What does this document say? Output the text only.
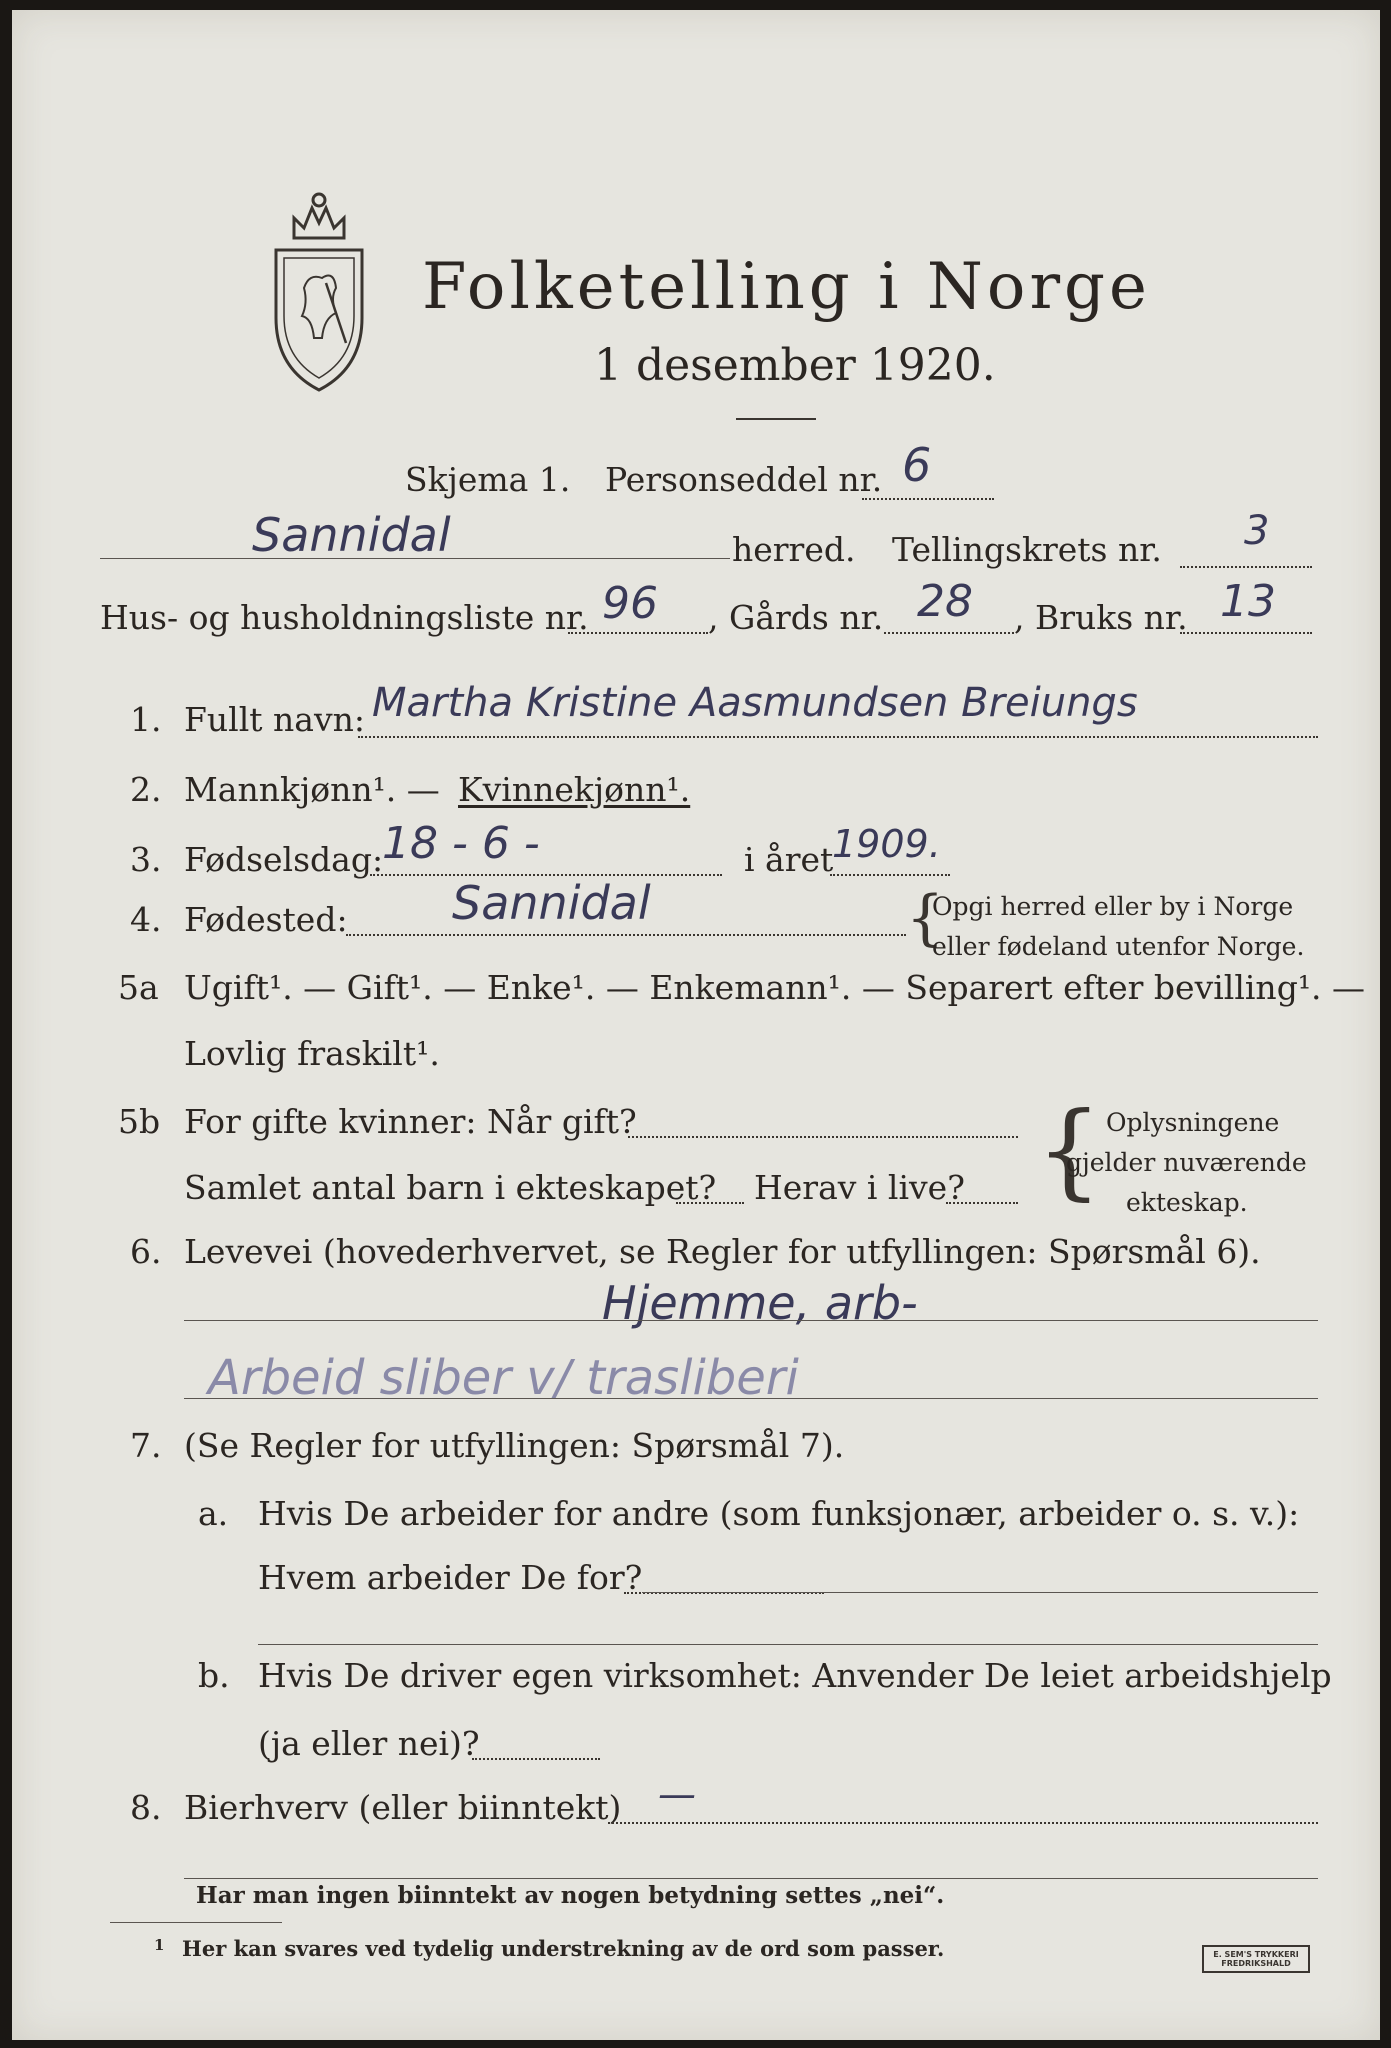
Folketelling i Norge
1 desember 1920.
Skjema 1. Personseddel nr. 6
Sannidal	herred. Tellingskrets nr. 3
Hus- og husholdningsliste nr. 96 , Gårds nr. 28 , Bruks nr. 13
1. Fullt navn: Martha Kristine Aasmundsen Breiungs
2. Mannkjønn¹. — Kvinnekjønn¹.
3. Fødselsdag:
18 - 6 -	i året
1909.
4. Fødested: Sannidal	{
Opgi herred eller by i Norge
eller fødeland utenfor Norge.
5a Ugift¹. — Gift¹. — Enke¹. — Enkemann¹. — Separert efter bevilling¹. —
Lovlig fraskilt¹.
5b For gifte kvinner: Når gift?
Samlet antal barn i ekteskapet? Herav i live? { Oplysningene
gjelder nuværende
ekteskap.
6. Levevei (hovederhvervet, se Regler for utfyllingen: Spørsmål 6).
Hjemme, arb-
Arbeid sliber v/ trasliberi
7. (Se Regler for utfyllingen: Spørsmål 7).
a. Hvis De arbeider for andre (som funksjonær, arbeider o. s. v.):
Hvem arbeider De for?
b. Hvis De driver egen virksomhet: Anvender De leiet arbeidshjelp
(ja eller nei)?
8. Bierhverv (eller biinntekt) —
Har man ingen biinntekt av nogen betydning settes „nei“.
1 Her kan svares ved tydelig understrekning av de ord som passer.	E. SEM'S TRYKKERI FREDRIKSHALD
